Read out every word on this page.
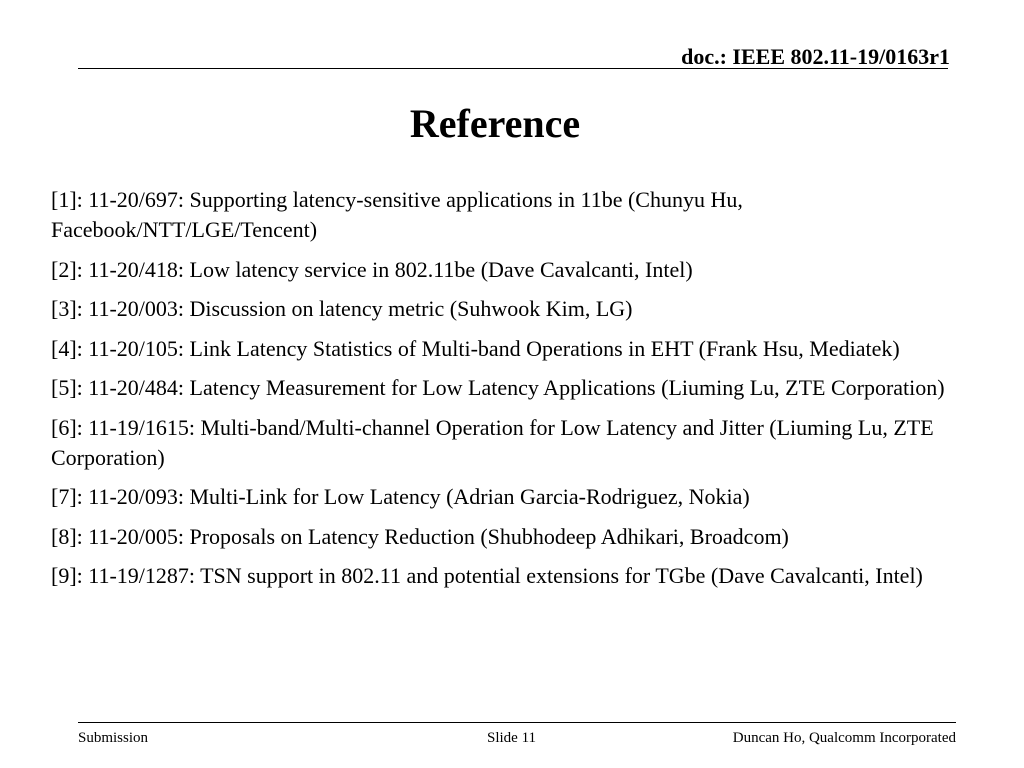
doc.: IEEE 802.11-19/0163r1
Reference
[1]: 11-20/697: Supporting latency-sensitive applications in 11be (Chunyu Hu, Facebook/NTT/LGE/Tencent)
[2]: 11-20/418: Low latency service in 802.11be (Dave Cavalcanti, Intel)
[3]: 11-20/003: Discussion on latency metric (Suhwook Kim, LG)
[4]: 11-20/105: Link Latency Statistics of Multi-band Operations in EHT (Frank Hsu, Mediatek)
[5]: 11-20/484: Latency Measurement for Low Latency Applications (Liuming Lu, ZTE Corporation)
[6]: 11-19/1615: Multi-band/Multi-channel Operation for Low Latency and Jitter (Liuming Lu, ZTE Corporation)
[7]: 11-20/093: Multi-Link for Low Latency (Adrian Garcia-Rodriguez, Nokia)
[8]: 11-20/005: Proposals on Latency Reduction (Shubhodeep Adhikari, Broadcom)
[9]: 11-19/1287: TSN support in 802.11 and potential extensions for TGbe (Dave Cavalcanti, Intel)
Submission	Slide 11	Duncan Ho, Qualcomm Incorporated
